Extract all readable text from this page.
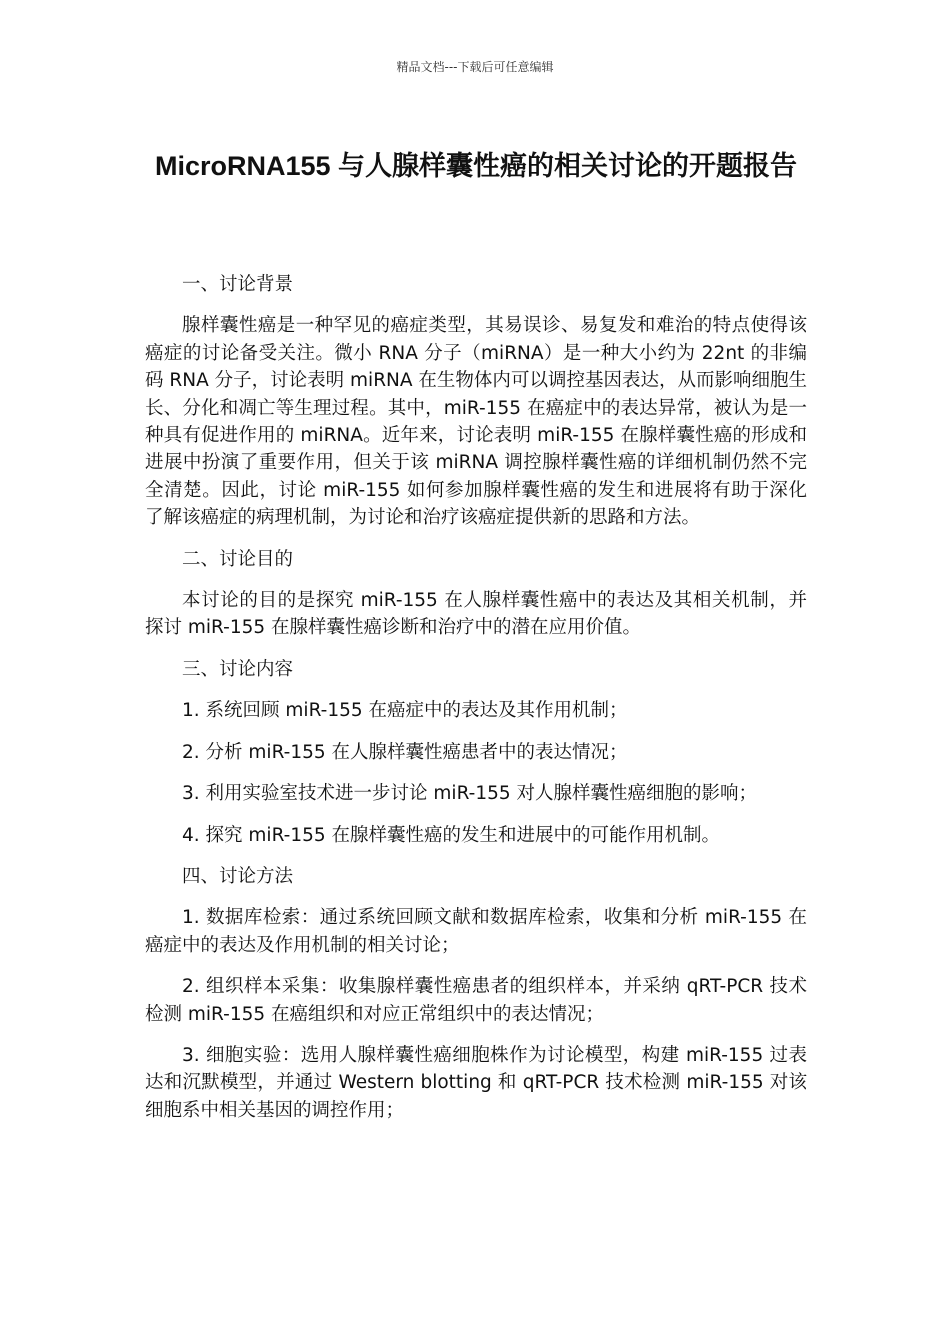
精品文档---下载后可任意编辑
MicroRNA155 与人腺样囊性癌的相关讨论的开题报告

一、讨论背景

腺样囊性癌是一种罕见的癌症类型，其易误诊、易复发和难治的特点使得该癌症的讨论备受关注。微小 RNA 分子（miRNA）是一种大小约为 22nt 的非编码 RNA 分子，讨论表明 miRNA 在生物体内可以调控基因表达，从而影响细胞生长、分化和凋亡等生理过程。其中，miR-155 在癌症中的表达异常，被认为是一种具有促进作用的 miRNA。近年来，讨论表明 miR-155 在腺样囊性癌的形成和进展中扮演了重要作用，但关于该 miRNA 调控腺样囊性癌的详细机制仍然不完全清楚。因此，讨论 miR-155 如何参加腺样囊性癌的发生和进展将有助于深化了解该癌症的病理机制，为讨论和治疗该癌症提供新的思路和方法。

二、讨论目的

本讨论的目的是探究 miR-155 在人腺样囊性癌中的表达及其相关机制，并探讨 miR-155 在腺样囊性癌诊断和治疗中的潜在应用价值。

三、讨论内容

1. 系统回顾 miR-155 在癌症中的表达及其作用机制；

2. 分析 miR-155 在人腺样囊性癌患者中的表达情况；

3. 利用实验室技术进一步讨论 miR-155 对人腺样囊性癌细胞的影响；

4. 探究 miR-155 在腺样囊性癌的发生和进展中的可能作用机制。

四、讨论方法

1. 数据库检索：通过系统回顾文献和数据库检索，收集和分析 miR-155 在癌症中的表达及作用机制的相关讨论；

2. 组织样本采集：收集腺样囊性癌患者的组织样本，并采纳 qRT-PCR 技术检测 miR-155 在癌组织和对应正常组织中的表达情况；

3. 细胞实验：选用人腺样囊性癌细胞株作为讨论模型，构建 miR-155 过表达和沉默模型，并通过 Western blotting 和 qRT-PCR 技术检测 miR-155 对该细胞系中相关基因的调控作用；
